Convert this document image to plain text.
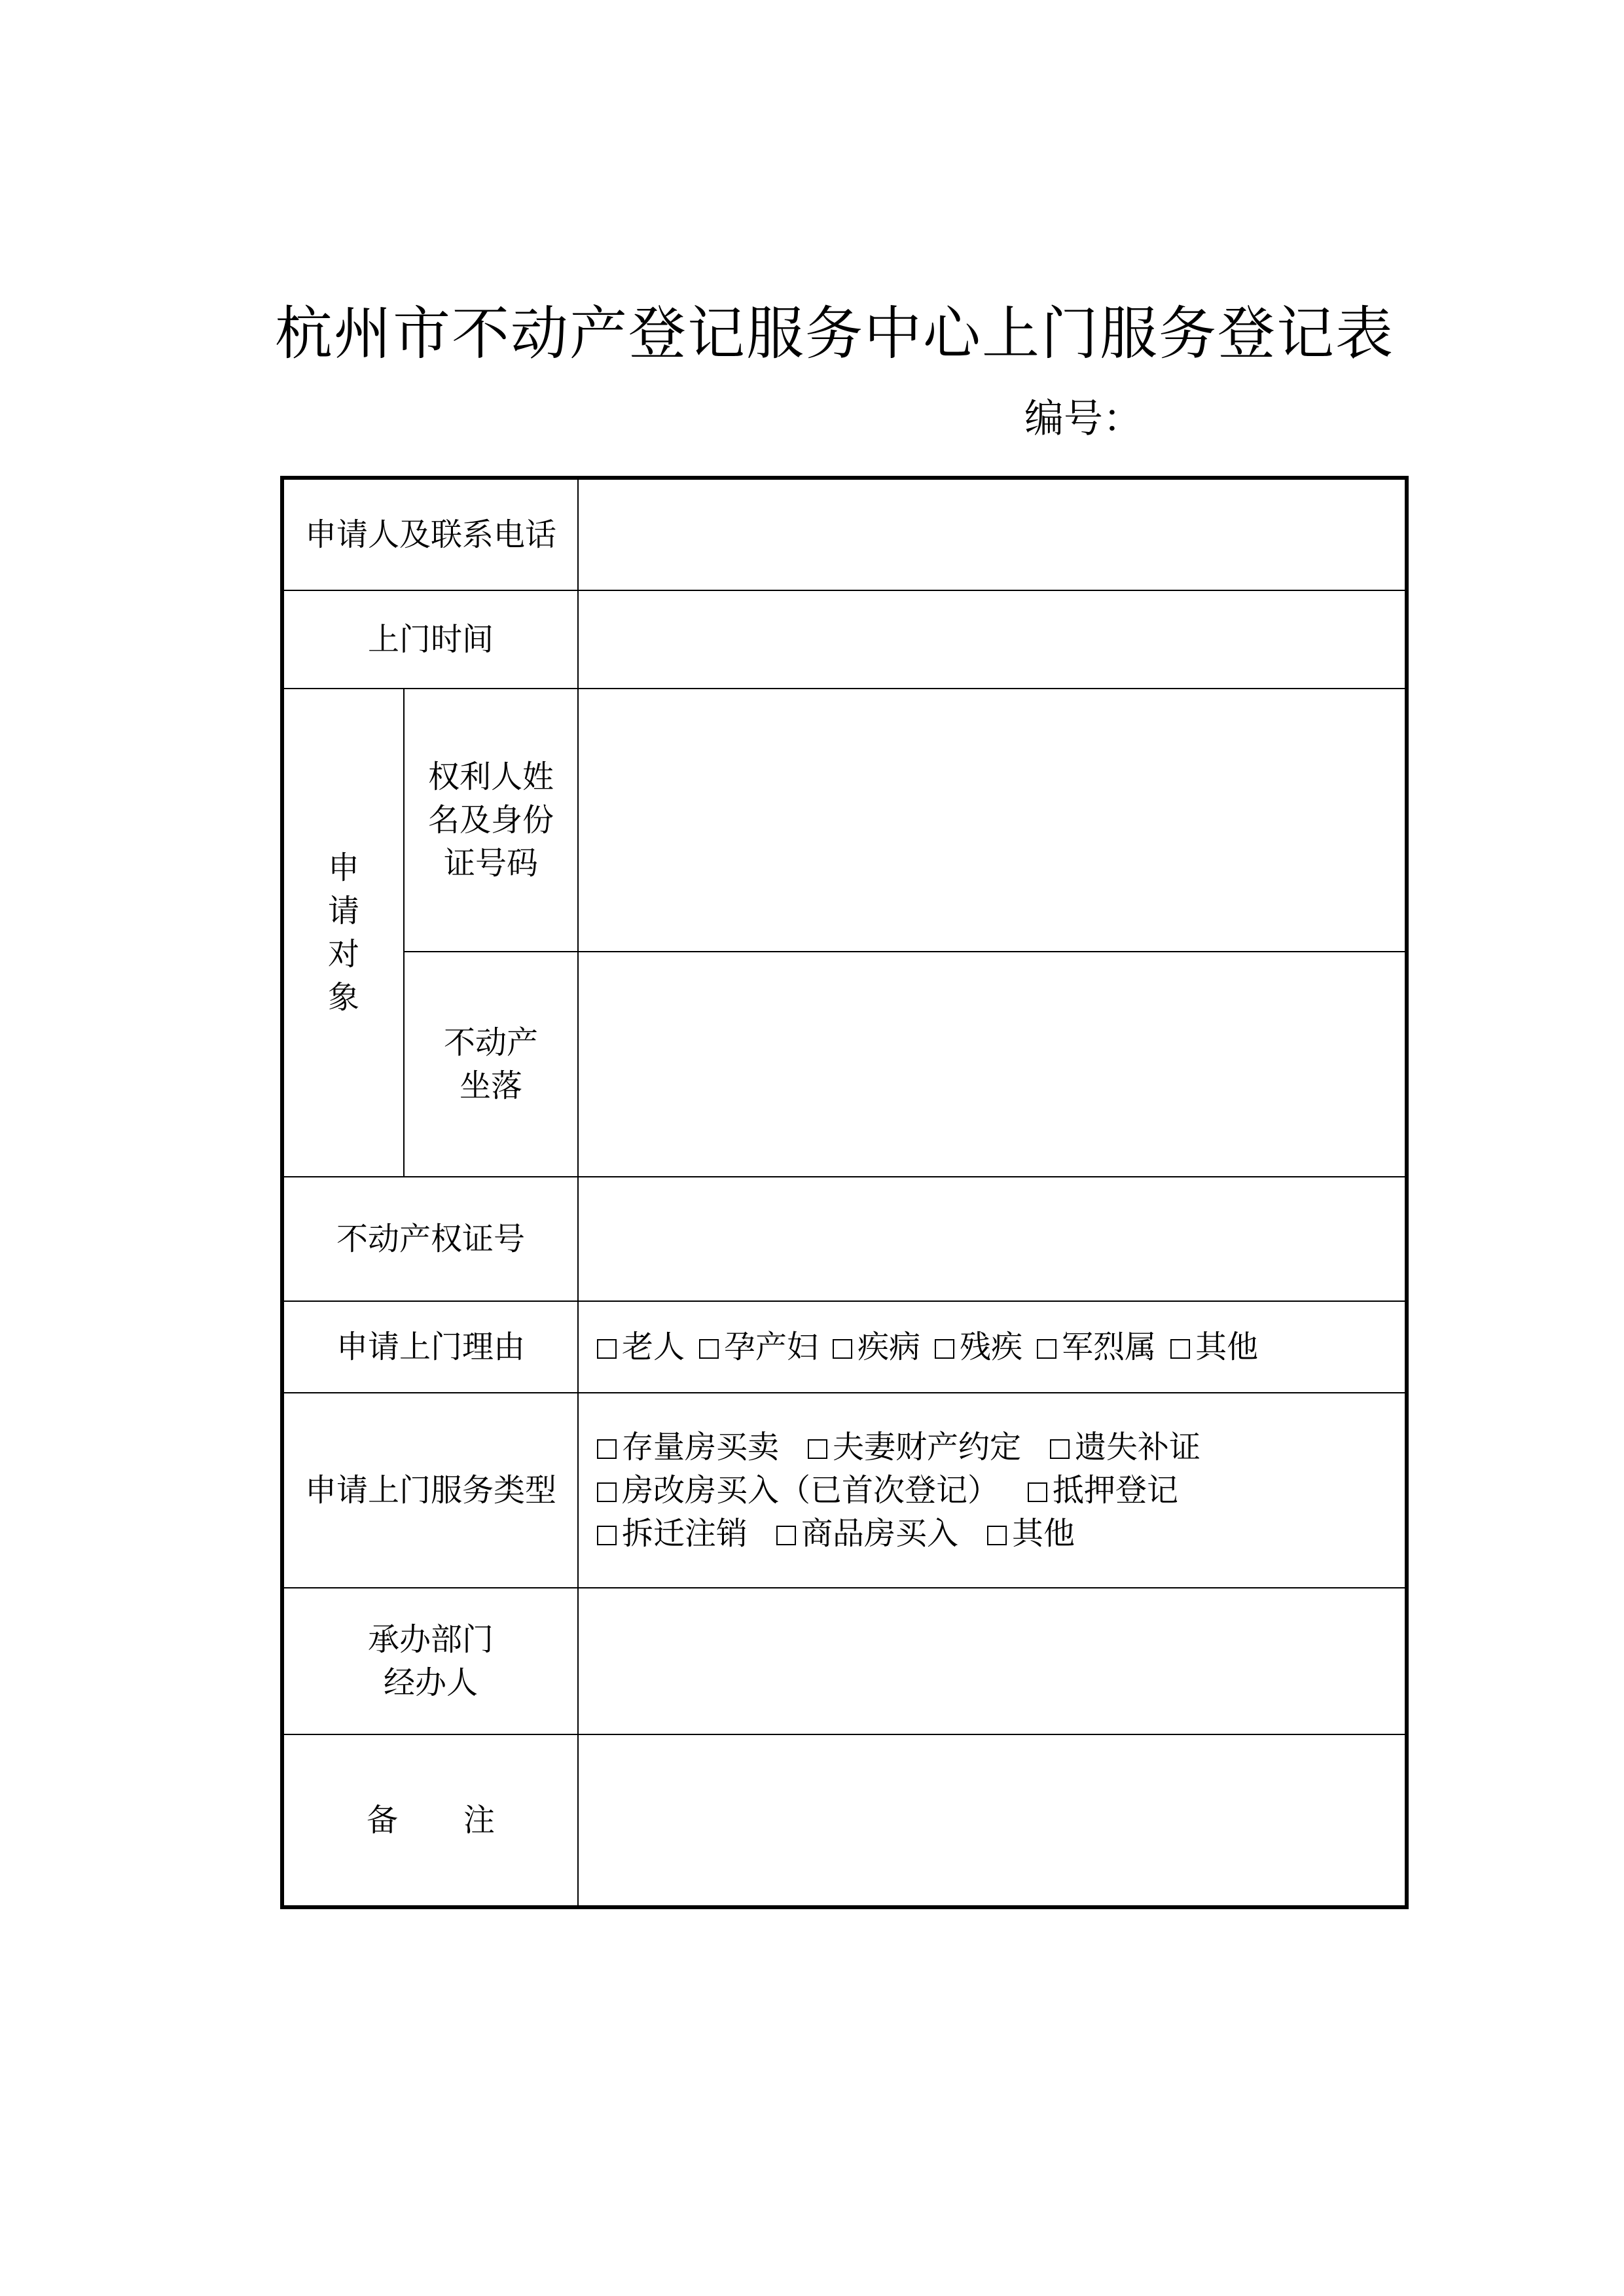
杭州市不动产登记服务中心上门服务登记表
编号：
申请人及联系电话		
上门时间		

申请对象	权利人姓名及身份证号码	

	不动产坐落	

不动产权证号		
申请上门理由		老人 孕产妇 疾病 残疾 军烈属 其他

申请上门服务类型		存量房买卖 夫妻财产约定 遗失补证
房改房买入（已首次登记） 抵押登记
拆迁注销 商品房买入 其他

承办部门经办人		

备 注		
